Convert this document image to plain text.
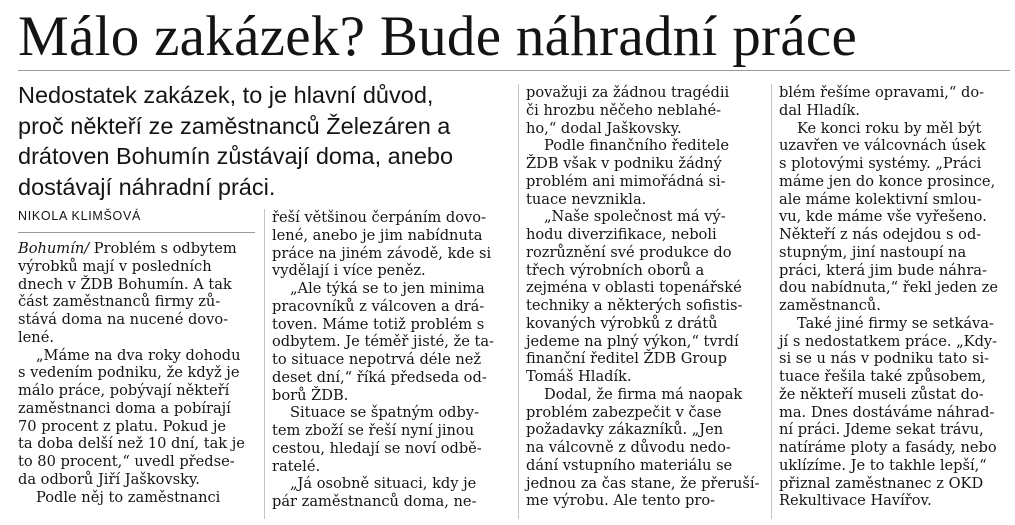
Málo zakázek? Bude náhradní práce

Nedostatek zakázek, to je hlavní důvod,

proč někteří ze zaměstnanců Železáren a

drátoven Bohumín zůstávají doma, anebo

dostávají náhradní práci.

NIKOLA KLIMŠOVÁ

Bohumín/ Problém s odbytem

výrobků mají v posledních

dnech v ŽDB Bohumín. A tak

část zaměstnanců firmy zů-

stává doma na nucené dovo-

lené.

„Máme na dva roky dohodu

s vedením podniku, že když je

málo práce, pobývají někteří

zaměstnanci doma a pobírají

70 procent z platu. Pokud je

ta doba delší než 10 dní, tak je

to 80 procent,“ uvedl předse-

da odborů Jiří Jaškovsky.

Podle něj to zaměstnanci

řeší většinou čerpáním dovo-

lené, anebo je jim nabídnuta

práce na jiném závodě, kde si

vydělají i více peněz.

„Ale týká se to jen minima

pracovníků z válcoven a drá-

toven. Máme totiž problém s

odbytem. Je téměř jisté, že ta-

to situace nepotrvá déle než

deset dní,“ říká předseda od-

borů ŽDB.

Situace se špatným odby-

tem zboží se řeší nyní jinou

cestou, hledají se noví odbě-

ratelé.

„Já osobně situaci, kdy je

pár zaměstnanců doma, ne-

považuji za žádnou tragédii

či hrozbu něčeho neblahé-

ho,“ dodal Jaškovsky.

Podle finančního ředitele

ŽDB však v podniku žádný

problém ani mimořádná si-

tuace nevznikla.

„Naše společnost má vý-

hodu diverzifikace, neboli

rozrůznění své produkce do

třech výrobních oborů a

zejména v oblasti topenářské

techniky a některých sofistis-

kovaných výrobků z drátů

jedeme na plný výkon,“ tvrdí

finanční ředitel ŽDB Group

Tomáš Hladík.

Dodal, že firma má naopak

problém zabezpečit v čase

požadavky zákazníků. „Jen

na válcovně z důvodu nedo-

dání vstupního materiálu se

jednou za čas stane, že přeruší-

me výrobu. Ale tento pro-

blém řešíme opravami,“ do-

dal Hladík.

Ke konci roku by měl být

uzavřen ve válcovnách úsek

s plotovými systémy. „Práci

máme jen do konce prosince,

ale máme kolektivní smlou-

vu, kde máme vše vyřešeno.

Někteří z nás odejdou s od-

stupným, jiní nastoupí na

práci, která jim bude náhra-

dou nabídnuta,“ řekl jeden ze

zaměstnanců.

Také jiné firmy se setkáva-

jí s nedostatkem práce. „Kdy-

si se u nás v podniku tato si-

tuace řešila také způsobem,

že někteří museli zůstat do-

ma. Dnes dostáváme náhrad-

ní práci. Jdeme sekat trávu,

natíráme ploty a fasády, nebo

uklízíme. Je to takhle lepší,“

přiznal zaměstnanec z OKD

Rekultivace Havířov.
